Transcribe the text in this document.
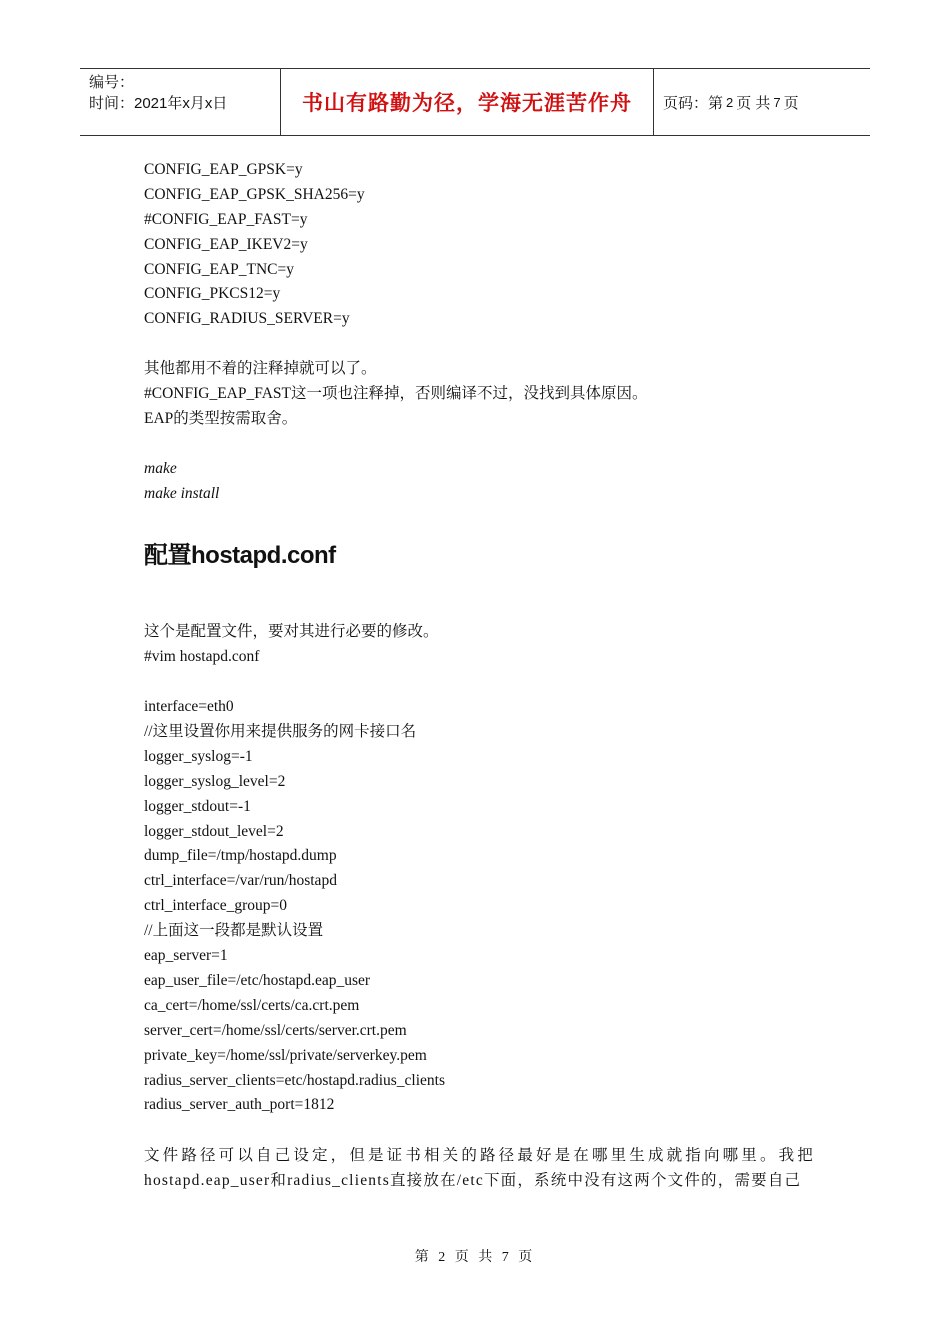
编号：
时间：2021年x月x日	书山有路勤为径，学海无涯苦作舟 页码：第 2 页 共 7 页
CONFIG_EAP_GPSK=y
CONFIG_EAP_GPSK_SHA256=y
#CONFIG_EAP_FAST=y
CONFIG_EAP_IKEV2=y
CONFIG_EAP_TNC=y
CONFIG_PKCS12=y
CONFIG_RADIUS_SERVER=y
其他都用不着的注释掉就可以了。
#CONFIG_EAP_FAST这一项也注释掉，否则编译不过，没找到具体原因。
EAP的类型按需取舍。
make
make install
配置hostapd.conf
这个是配置文件，要对其进行必要的修改。
#vim hostapd.conf
interface=eth0
//这里设置你用来提供服务的网卡接口名
logger_syslog=-1
logger_syslog_level=2
logger_stdout=-1
logger_stdout_level=2
dump_file=/tmp/hostapd.dump
ctrl_interface=/var/run/hostapd
ctrl_interface_group=0
//上面这一段都是默认设置
eap_server=1
eap_user_file=/etc/hostapd.eap_user
ca_cert=/home/ssl/certs/ca.crt.pem
server_cert=/home/ssl/certs/server.crt.pem
private_key=/home/ssl/private/serverkey.pem
radius_server_clients=etc/hostapd.radius_clients
radius_server_auth_port=1812
文件路径可以自己设定，但是证书相关的路径最好是在哪里生成就指向哪里。我把hostapd.eap_user和radius_clients直接放在/etc下面，系统中没有这两个文件的，需要自己
第 2 页 共 7 页
